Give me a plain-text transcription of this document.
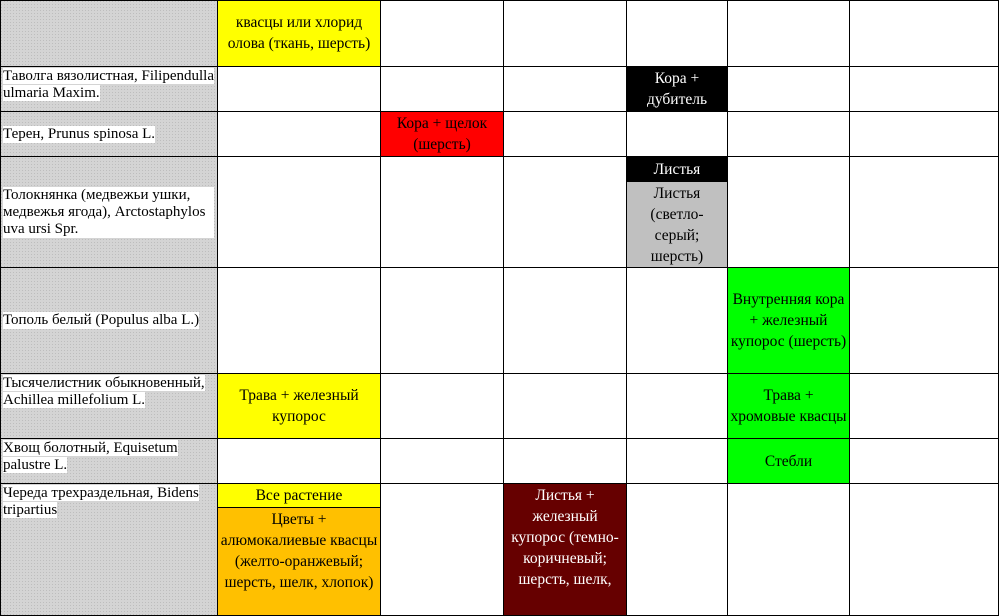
квасцы или хлорид олова (ткань, шерсть)
Таволга вязолистная, Filipendulla ulmaria Maxim.
Кора + дубитель
Терен, Prunus spinosa L.
Кора + щелок (шерсть)
Толокнянка (медвежьи ушки, медвежья ягода), Arctostaphylos uva ursi Spr.
Листья
Листья (светло-серый; шерсть)
Тополь белый (Populus alba L.)
Внутренняя кора + железный купорос (шерсть)
Тысячелистник обыкновенный, Achillea millefolium L.	Трава + железный купорос
Трава + хромовые квасцы
Хвощ болотный, Equisetum palustre L.	Стебли
Череда трехраздельная, Bidens tripartius
Все растение
Цветы + алюмокалиевые квасцы (желто-оранжевый; шерсть, шелк, хлопок)
Листья + железный купорос (темно-коричневый; шерсть, шелк,
